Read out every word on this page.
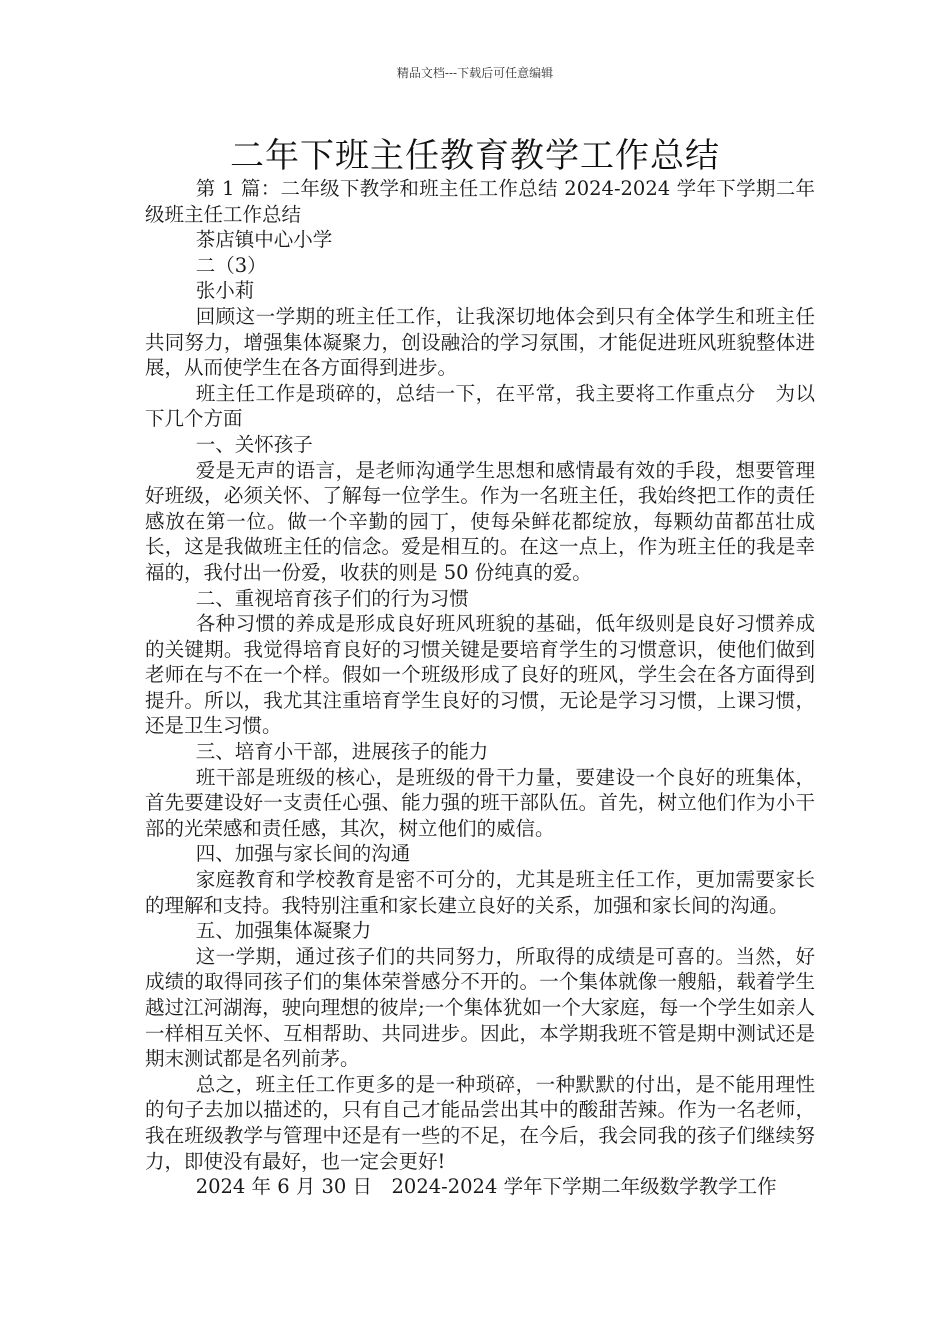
精品文档---下载后可任意编辑
二年下班主任教育教学工作总结

第 1 篇：二年级下教学和班主任工作总结 2024-2024 学年下学期二年级班主任工作总结

茶店镇中心小学

二（3）

张小莉

回顾这一学期的班主任工作，让我深切地体会到只有全体学生和班主任共同努力，增强集体凝聚力，创设融洽的学习氛围，才能促进班风班貌整体进展，从而使学生在各方面得到进步。

班主任工作是琐碎的，总结一下，在平常，我主要将工作重点分　为以下几个方面

一、关怀孩子

爱是无声的语言，是老师沟通学生思想和感情最有效的手段，想要管理好班级，必须关怀、了解每一位学生。作为一名班主任，我始终把工作的责任感放在第一位。做一个辛勤的园丁，使每朵鲜花都绽放，每颗幼苗都茁壮成长，这是我做班主任的信念。爱是相互的。在这一点上，作为班主任的我是幸福的，我付出一份爱，收获的则是 50 份纯真的爱。

二、重视培育孩子们的行为习惯

各种习惯的养成是形成良好班风班貌的基础，低年级则是良好习惯养成的关键期。我觉得培育良好的习惯关键是要培育学生的习惯意识，使他们做到老师在与不在一个样。假如一个班级形成了良好的班风，学生会在各方面得到提升。所以，我尤其注重培育学生良好的习惯，无论是学习习惯，上课习惯，还是卫生习惯。

三、培育小干部，进展孩子的能力

班干部是班级的核心，是班级的骨干力量，要建设一个良好的班集体，首先要建设好一支责任心强、能力强的班干部队伍。首先，树立他们作为小干部的光荣感和责任感，其次，树立他们的威信。

四、加强与家长间的沟通

家庭教育和学校教育是密不可分的，尤其是班主任工作，更加需要家长的理解和支持。我特别注重和家长建立良好的关系，加强和家长间的沟通。

五、加强集体凝聚力

这一学期，通过孩子们的共同努力，所取得的成绩是可喜的。当然，好成绩的取得同孩子们的集体荣誉感分不开的。一个集体就像一艘船，载着学生越过江河湖海，驶向理想的彼岸;一个集体犹如一个大家庭，每一个学生如亲人一样相互关怀、互相帮助、共同进步。因此，本学期我班不管是期中测试还是期末测试都是名列前茅。

总之，班主任工作更多的是一种琐碎，一种默默的付出，是不能用理性的句子去加以描述的，只有自己才能品尝出其中的酸甜苦辣。作为一名老师，我在班级教学与管理中还是有一些的不足，在今后，我会同我的孩子们继续努力，即使没有最好，也一定会更好!

2024 年 6 月 30 日　2024-2024 学年下学期二年级数学教学工作
